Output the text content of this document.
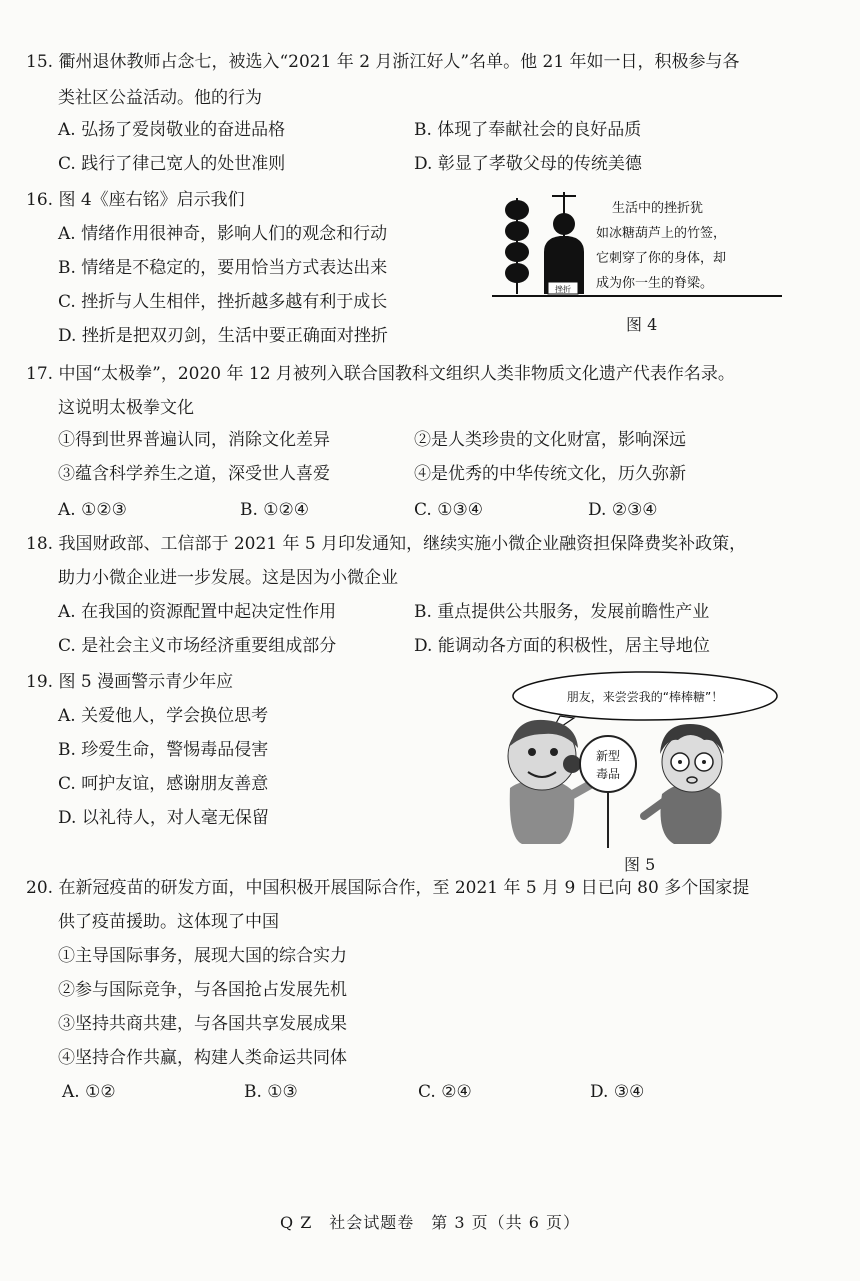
15. 衢州退休教师占念七，被选入“2021 年 2 月浙江好人”名单。他 21 年如一日，积极参与各
类社区公益活动。他的行为
A. 弘扬了爱岗敬业的奋进品格	B. 体现了奉献社会的良好品质
C. 践行了律己宽人的处世准则	D. 彰显了孝敬父母的传统美德
16. 图 4《座右铭》启示我们
A. 情绪作用很神奇，影响人们的观念和行动
B. 情绪是不稳定的，要用恰当方式表达出来
C. 挫折与人生相伴，挫折越多越有利于成长
D. 挫折是把双刃剑，生活中要正确面对挫折
挫折
生活中的挫折犹
如冰糖葫芦上的竹签，
它刺穿了你的身体，却
成为你一生的脊梁。
图 4
17. 中国“太极拳”，2020 年 12 月被列入联合国教科文组织人类非物质文化遗产代表作名录。
这说明太极拳文化
①得到世界普遍认同，消除文化差异	②是人类珍贵的文化财富，影响深远
③蕴含科学养生之道，深受世人喜爱	④是优秀的中华传统文化，历久弥新
A. ①②③	B. ①②④	C. ①③④	D. ②③④
18. 我国财政部、工信部于 2021 年 5 月印发通知，继续实施小微企业融资担保降费奖补政策，
助力小微企业进一步发展。这是因为小微企业
A. 在我国的资源配置中起决定性作用	B. 重点提供公共服务，发展前瞻性产业
C. 是社会主义市场经济重要组成部分	D. 能调动各方面的积极性，居主导地位
19. 图 5 漫画警示青少年应
A. 关爱他人，学会换位思考
B. 珍爱生命，警惕毒品侵害
C. 呵护友谊，感谢朋友善意
D. 以礼待人，对人毫无保留
朋友，来尝尝我的“棒棒糖”！
新型
毒品
图 5
20. 在新冠疫苗的研发方面，中国积极开展国际合作，至 2021 年 5 月 9 日已向 80 多个国家提
供了疫苗援助。这体现了中国
①主导国际事务，展现大国的综合实力
②参与国际竞争，与各国抢占发展先机
③坚持共商共建，与各国共享发展成果
④坚持合作共赢，构建人类命运共同体
A. ①②	B. ①③	C. ②④	D. ③④
Q Z　社会试题卷　第 3 页（共 6 页）
